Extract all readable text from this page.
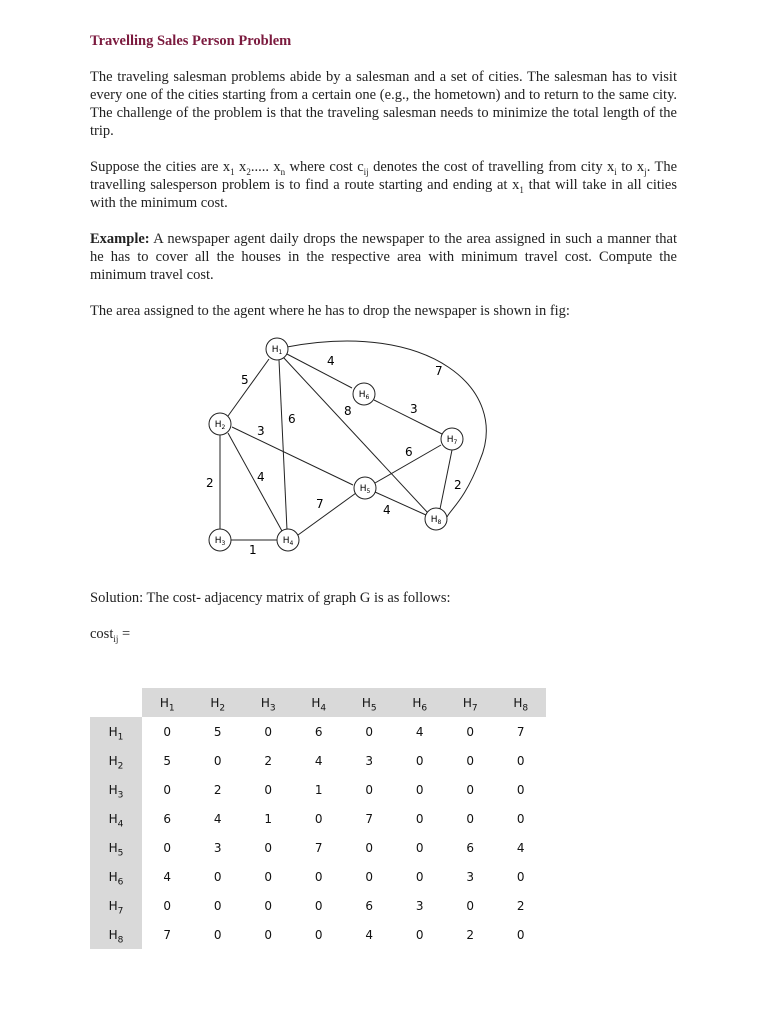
Travelling Sales Person Problem

The traveling salesman problems abide by a salesman and a set of cities. The salesman has to visit every one of the cities starting from a certain one (e.g., the hometown) and to return to the same city. The challenge of the problem is that the traveling salesman needs to minimize the total length of the trip.

Suppose the cities are $x_1$ $x_2$..... $x_n$ where cost $c_{ij}$ denotes the cost of travelling from city $x_i$ to $x_j$. The travelling salesperson problem is to find a route starting and ending at $x_1$ that will take in all cities with the minimum cost.

Example: A newspaper agent daily drops the newspaper to the area assigned in such a manner that he has to cover all the houses in the respective area with minimum travel cost. Compute the minimum travel cost.

The area assigned to the agent where he has to drop the newspaper is shown in fig:

$H_1$
$H_2$
$H_3$	$H_4$
$H_5$
$H_6$
$H_7$
$H_8$
5
4
7
6
8	3
2
3
4
1
7
6
4
2

Solution: The cost- adjacency matrix of graph G is as follows:

cost$_{ij}$ =

	$H_1$	$H_2$	$H_3$	$H_4$	$H_5$	$H_6$	$H_7$	$H_8$
$H_1$	0	5	0	6	0	4	0	7
$H_2$	5	0	2	4	3	0	0	0
$H_3$	0	2	0	1	0	0	0	0
$H_4$	6	4	1	0	7	0	0	0
$H_5$	0	3	0	7	0	0	6	4
$H_6$	4	0	0	0	0	0	3	0
$H_7$	0	0	0	0	6	3	0	2
$H_8$	7	0	0	0	4	0	2	0
